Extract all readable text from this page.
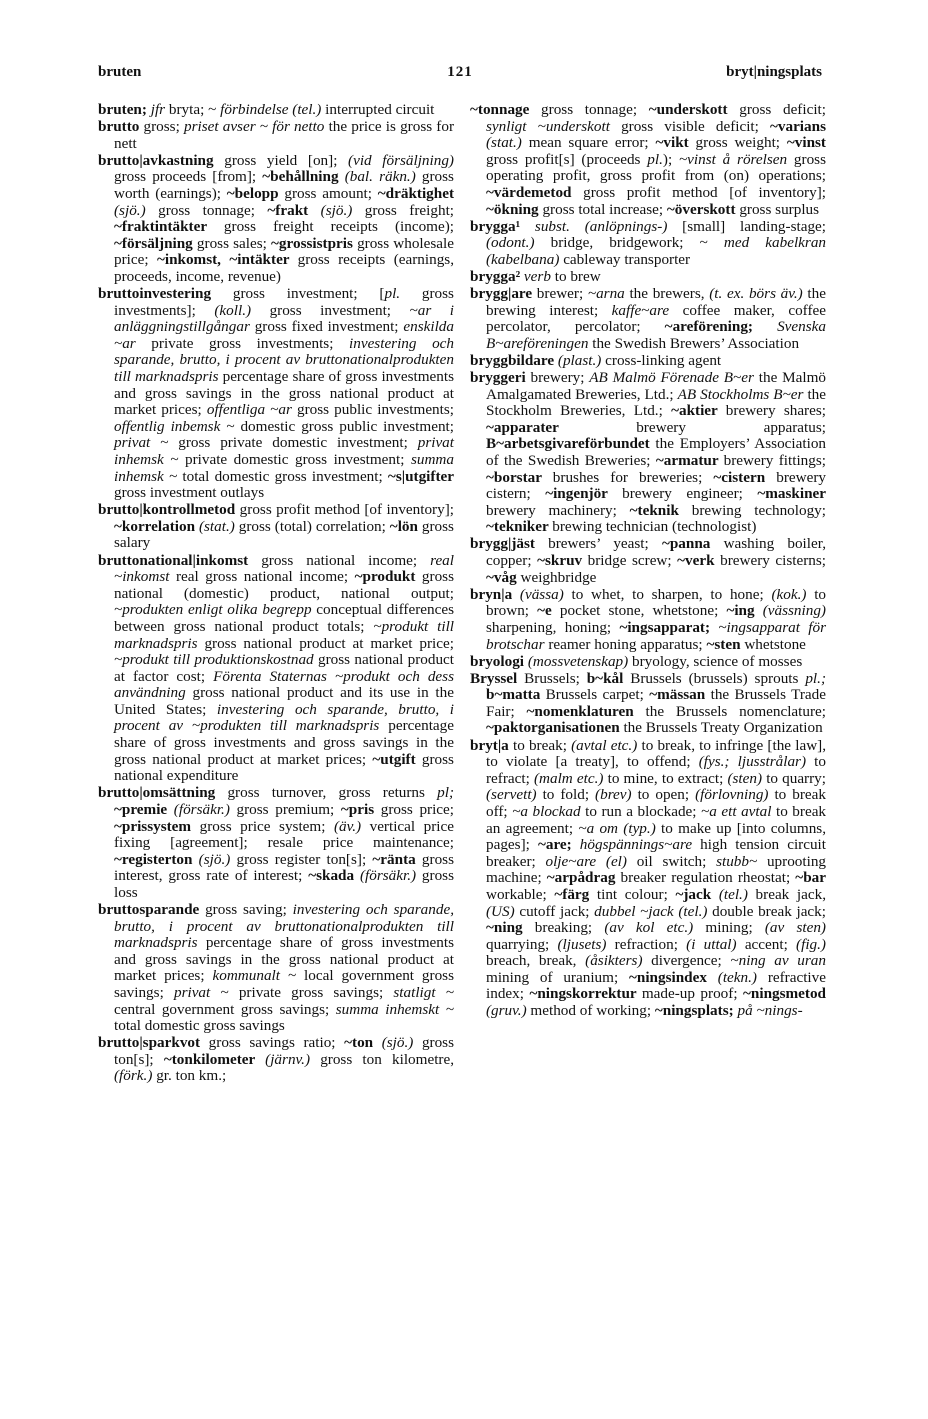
bruten	121	bryt|ningsplats

bruten; jfr bryta; ~ förbindelse (tel.) interrupted circuit

brutto gross; priset avser ~ för netto the price is gross for nett

brutto|avkastning gross yield [on]; (vid försäljning) gross proceeds [from]; ~behållning (bal. räkn.) gross worth (earnings); ~belopp gross amount; ~dräktighet (sjö.) gross tonnage; ~frakt (sjö.) gross freight; ~fraktintäkter gross freight receipts (income); ~försäljning gross sales; ~grossistpris gross wholesale price; ~inkomst, ~intäkter gross receipts (earnings, proceeds, income, revenue)

bruttoinvestering gross investment; [pl. gross investments]; (koll.) gross investment; ~ar i anläggningstillgångar gross fixed investment; enskilda ~ar private gross investments; investering och sparande, brutto, i procent av bruttonationalprodukten till marknadspris percentage share of gross investments and gross savings in the gross national product at market prices; offentliga ~ar gross public investments; offentlig inbemsk ~ domestic gross public investment; privat ~ gross private domestic investment; privat inhemsk ~ private domestic gross investment; summa inhemsk ~ total domestic gross investment; ~s|utgifter gross investment outlays

brutto|kontrollmetod gross profit method [of inventory]; ~korrelation (stat.) gross (total) correlation; ~lön gross salary

bruttonational|inkomst gross national income; real ~inkomst real gross national income; ~produkt gross national (domestic) product, national output; ~produkten enligt olika begrepp conceptual differences between gross national product totals; ~produkt till marknadspris gross national product at market price; ~produkt till produktionskostnad gross national product at factor cost; Förenta Staternas ~produkt och dess användning gross national product and its use in the United States; investering och sparande, brutto, i procent av ~produkten till marknadspris percentage share of gross investments and gross savings in the gross national product at market prices; ~utgift gross national expenditure

brutto|omsättning gross turnover, gross returns pl; ~premie (försäkr.) gross premium; ~pris gross price; ~prissystem gross price system; (äv.) vertical price fixing [agreement]; resale price maintenance; ~registerton (sjö.) gross register ton[s]; ~ränta gross interest, gross rate of interest; ~skada (försäkr.) gross loss

bruttosparande gross saving; investering och sparande, brutto, i procent av bruttonationalprodukten till marknadspris percentage share of gross investments and gross savings in the gross national product at market prices; kommunalt ~ local government gross savings; privat ~ private gross savings; statligt ~ central government gross savings; summa inhemskt ~ total domestic gross savings

brutto|sparkvot gross savings ratio; ~ton (sjö.) gross ton[s]; ~tonkilometer (järnv.) gross ton kilometre, (förk.) gr. ton km.;

~tonnage gross tonnage; ~underskott gross deficit; synligt ~underskott gross visible deficit; ~varians (stat.) mean square error; ~vikt gross weight; ~vinst gross profit[s] (proceeds pl.); ~vinst å rörelsen gross operating profit, gross profit from (on) operations; ~värdemetod gross profit method [of inventory]; ~ökning gross total increase; ~överskott gross surplus

brygga¹ subst. (anlöpnings-) [small] landing-stage; (odont.) bridge, bridgework; ~ med kabelkran (kabelbana) cableway transporter

brygga² verb to brew

brygg|are brewer; ~arna the brewers, (t. ex. börs äv.) the brewing interest; kaffe~are coffee maker, coffee percolator, percolator; ~areförening; Svenska B~areföreningen the Swedish Brewers’ Association

bryggbildare (plast.) cross-linking agent

bryggeri brewery; AB Malmö Förenade B~er the Malmö Amalgamated Breweries, Ltd.; AB Stockholms B~er the Stockholm Breweries, Ltd.; ~aktier brewery shares; ~apparater brewery apparatus; B~arbetsgivareförbundet the Employers’ Association of the Swedish Breweries; ~armatur brewery fittings; ~borstar brushes for breweries; ~cistern brewery cistern; ~ingenjör brewery engineer; ~maskiner brewery machinery; ~teknik brewing technology; ~tekniker brewing technician (technologist)

brygg|jäst brewers’ yeast; ~panna washing boiler, copper; ~skruv bridge screw; ~verk brewery cisterns; ~våg weighbridge

bryn|a (vässa) to whet, to sharpen, to hone; (kok.) to brown; ~e pocket stone, whetstone; ~ing (vässning) sharpening, honing; ~ingsapparat; ~ingsapparat för brotschar reamer honing apparatus; ~sten whetstone

bryologi (mossvetenskap) bryology, science of mosses

Bryssel Brussels; b~kål Brussels (brussels) sprouts pl.; b~matta Brussels carpet; ~mässan the Brussels Trade Fair; ~nomenklaturen the Brussels nomenclature; ~paktorganisationen the Brussels Treaty Organization

bryt|a to break; (avtal etc.) to break, to infringe [the law], to violate [a treaty], to offend; (fys.; ljusstrålar) to refract; (malm etc.) to mine, to extract; (sten) to quarry; (servett) to fold; (brev) to open; (förlovning) to break off; ~a blockad to run a blockade; ~a ett avtal to break an agreement; ~a om (typ.) to make up [into columns, pages]; ~are; högspännings~are high tension circuit breaker; olje~are (el) oil switch; stubb~ uprooting machine; ~arpådrag breaker regulation rheostat; ~bar workable; ~färg tint colour; ~jack (tel.) break jack, (US) cutoff jack; dubbel ~jack (tel.) double break jack; ~ning breaking; (av kol etc.) mining; (av sten) quarrying; (ljusets) refraction; (i uttal) accent; (fig.) breach, break, (åsikters) divergence; ~ning av uran mining of uranium; ~ningsindex (tekn.) refractive index; ~ningskorrektur made-up proof; ~ningsmetod (gruv.) method of working; ~ningsplats; på ~nings-
